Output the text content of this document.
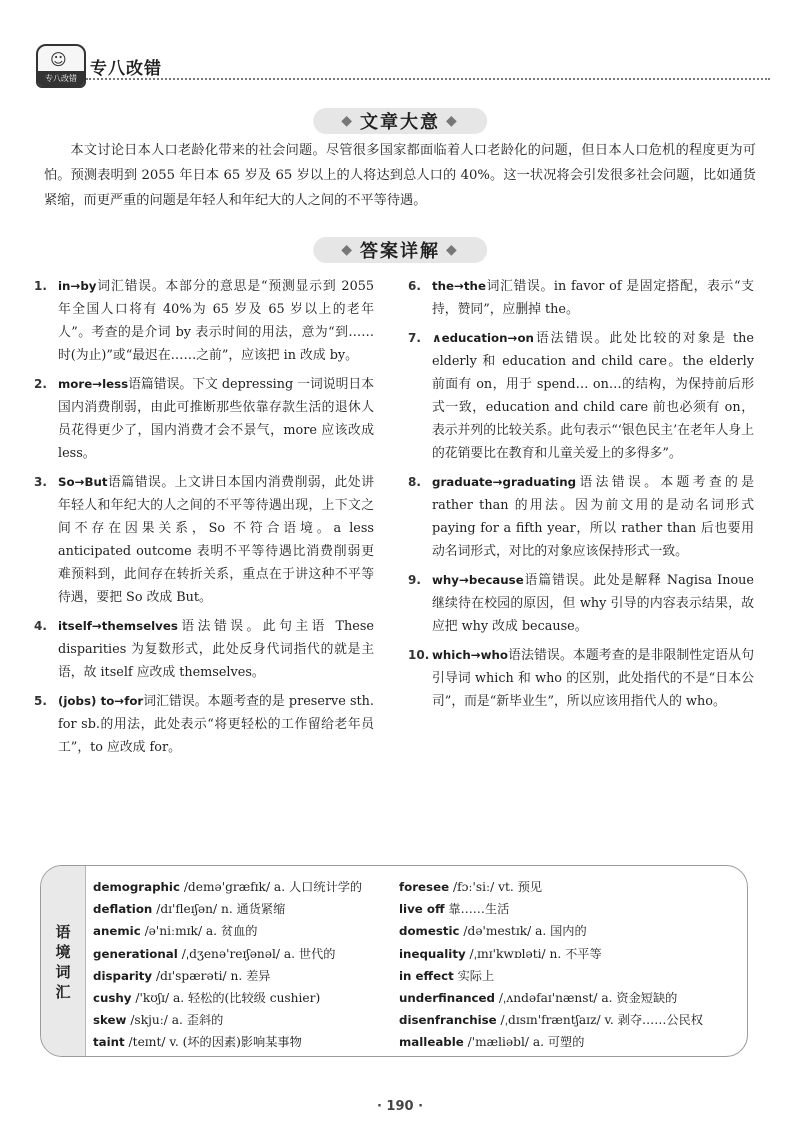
☺
专八改错 专八改错
◆ 文章大意 ◆
本文讨论日本人口老龄化带来的社会问题。尽管很多国家都面临着人口老龄化的问题，但日本人口危机的程度更为可怕。预测表明到 2055 年日本 65 岁及 65 岁以上的人将达到总人口的 40%。这一状况将会引发很多社会问题，比如通货紧缩，而更严重的问题是年轻人和年纪大的人之间的不平等待遇。
◆ 答案详解 ◆
1. in→by词汇错误。本部分的意思是“预测显示到 2055 年全国人口将有 40%为 65 岁及 65 岁以上的老年人”。考查的是介词 by 表示时间的用法，意为“到……时(为止)”或“最迟在……之前”，应该把 in 改成 by。
2. more→less语篇错误。下文 depressing 一词说明日本国内消费削弱，由此可推断那些依靠存款生活的退休人员花得更少了，国内消费才会不景气，more 应该改成 less。
3. So→But语篇错误。上文讲日本国内消费削弱，此处讲年轻人和年纪大的人之间的不平等待遇出现，上下文之间不存在因果关系，So 不符合语境。a less anticipated outcome 表明不平等待遇比消费削弱更难预料到，此间存在转折关系，重点在于讲这种不平等待遇，要把 So 改成 But。
4. itself→themselves语法错误。此句主语 These disparities 为复数形式，此处反身代词指代的就是主语，故 itself 应改成 themselves。
5. (jobs) to→for词汇错误。本题考查的是 preserve sth. for sb.的用法，此处表示“将更轻松的工作留给老年员工”，to 应改成 for。
6. the→the词汇错误。in favor of 是固定搭配，表示“支持，赞同”，应删掉 the。
7. ∧education→on语法错误。此处比较的对象是 the elderly 和 education and child care。the elderly 前面有 on，用于 spend… on…的结构，为保持前后形式一致，education and child care 前也必须有 on，表示并列的比较关系。此句表示“‘银色民主’在老年人身上的花销要比在教育和儿童关爱上的多得多”。
8. graduate→graduating语法错误。本题考查的是 rather than 的用法。因为前文用的是动名词形式 paying for a fifth year，所以 rather than 后也要用动名词形式，对比的对象应该保持形式一致。
9. why→because语篇错误。此处是解释 Nagisa Inoue 继续待在校园的原因，但 why 引导的内容表示结果，故应把 why 改成 because。
10. which→who语法错误。本题考查的是非限制性定语从句引导词 which 和 who 的区别，此处指代的不是“日本公司”，而是“新毕业生”，所以应该用指代人的 who。
语境词汇
demographic /demə'græfɪk/ a. 人口统计学的
deflation /dɪ'fleɪʃən/ n. 通货紧缩
anemic /ə'niːmɪk/ a. 贫血的
generational /ˌdʒenə'reɪʃənəl/ a. 世代的
disparity /dɪ'spærəti/ n. 差异
cushy /'kʊʃɪ/ a. 轻松的(比较级 cushier)
skew /skjuː/ a. 歪斜的
taint /teɪnt/ v. (坏的因素)影响某事物
foresee /fɔː'siː/ vt. 预见
live off 靠……生活
domestic /də'mestɪk/ a. 国内的
inequality /ˌɪnɪ'kwɒləti/ n. 不平等
in effect 实际上
underfinanced /ˌʌndəfaɪ'nænst/ a. 资金短缺的
disenfranchise /ˌdɪsɪn'fræntʃaɪz/ v. 剥夺……公民权
malleable /'mæliəbl/ a. 可塑的
· 190 ·
